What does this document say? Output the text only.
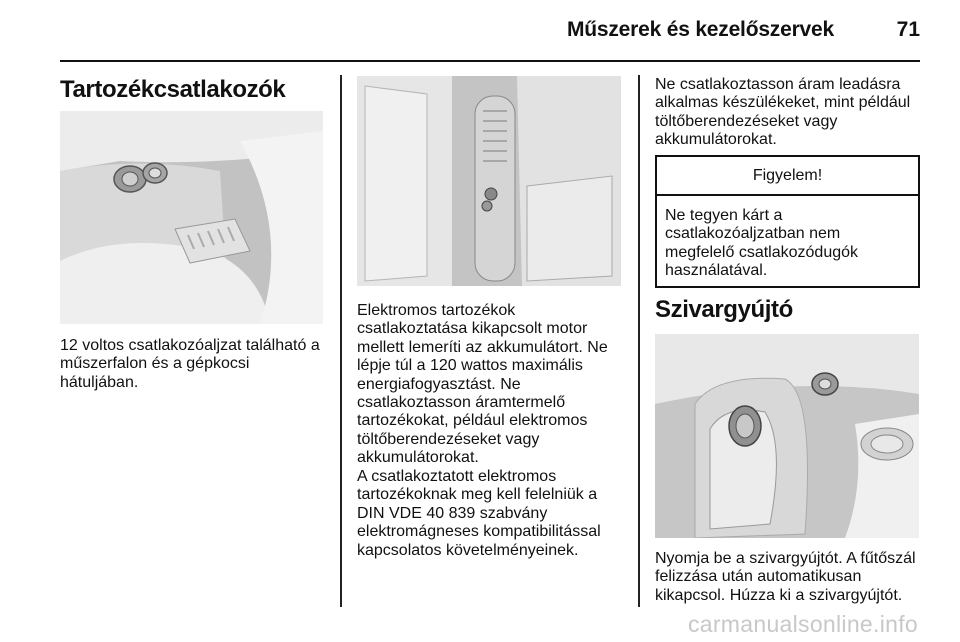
Műszerek és kezelőszervek	71
Tartozékcsatlakozók

12 voltos csatlakozóaljzat található a műszerfalon és a gépkocsi hátuljában.

Elektromos tartozékok csatlakoztatása kikapcsolt motor mellett lemeríti az akkumulátort. Ne lépje túl a 120 wattos maximális energiafogyasztást. Ne csatlakoztasson áramtermelő tartozékokat, például elektromos töltőberendezéseket vagy akkumulátorokat.

A csatlakoztatott elektromos tartozékoknak meg kell felelniük a DIN VDE 40 839 szabvány elektromágneses kompatibilitással kapcsolatos követelményeinek.

Ne csatlakoztasson áram leadásra alkalmas készülékeket, mint például töltőberendezéseket vagy akkumulátorokat.

Figyelem!
Ne tegyen kárt a csatlakozóaljzatban nem megfelelő csatlakozódugók használatával.
Szivargyújtó

Nyomja be a szivargyújtót. A fűtőszál felizzása után automatikusan kikapcsol. Húzza ki a szivargyújtót.

carmanualsonline.info
